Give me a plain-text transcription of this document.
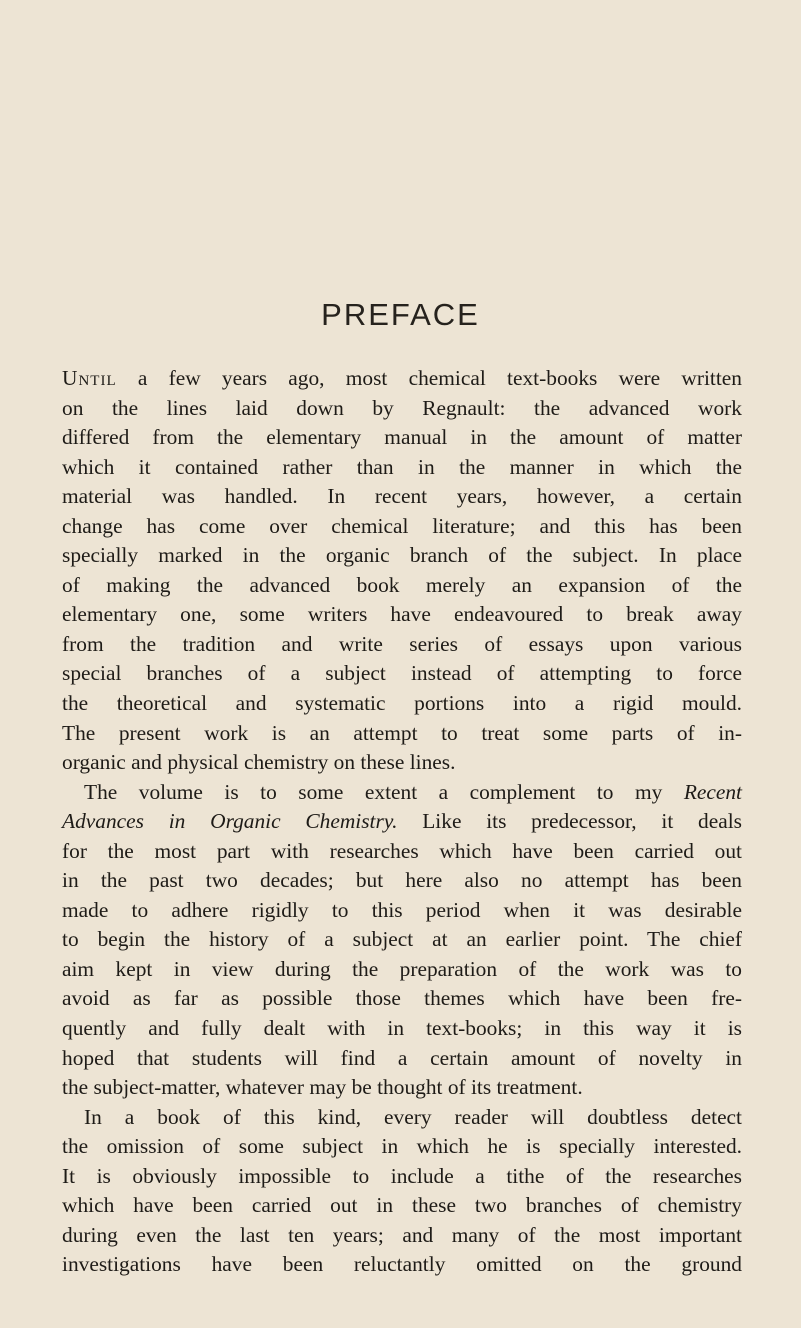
PREFACE
Until a few years ago, most chemical text-books were written
on the lines laid down by Regnault: the advanced work
differed from the elementary manual in the amount of matter
which it contained rather than in the manner in which the
material was handled. In recent years, however, a certain
change has come over chemical literature; and this has been
specially marked in the organic branch of the subject. In place
of making the advanced book merely an expansion of the
elementary one, some writers have endeavoured to break away
from the tradition and write series of essays upon various
special branches of a subject instead of attempting to force
the theoretical and systematic portions into a rigid mould.
The present work is an attempt to treat some parts of in-
organic and physical chemistry on these lines.
The volume is to some extent a complement to my Recent
Advances in Organic Chemistry. Like its predecessor, it deals
for the most part with researches which have been carried out
in the past two decades; but here also no attempt has been
made to adhere rigidly to this period when it was desirable
to begin the history of a subject at an earlier point. The chief
aim kept in view during the preparation of the work was to
avoid as far as possible those themes which have been fre-
quently and fully dealt with in text-books; in this way it is
hoped that students will find a certain amount of novelty in
the subject-matter, whatever may be thought of its treatment.
In a book of this kind, every reader will doubtless detect
the omission of some subject in which he is specially interested.
It is obviously impossible to include a tithe of the researches
which have been carried out in these two branches of chemistry
during even the last ten years; and many of the most important
investigations have been reluctantly omitted on the ground
